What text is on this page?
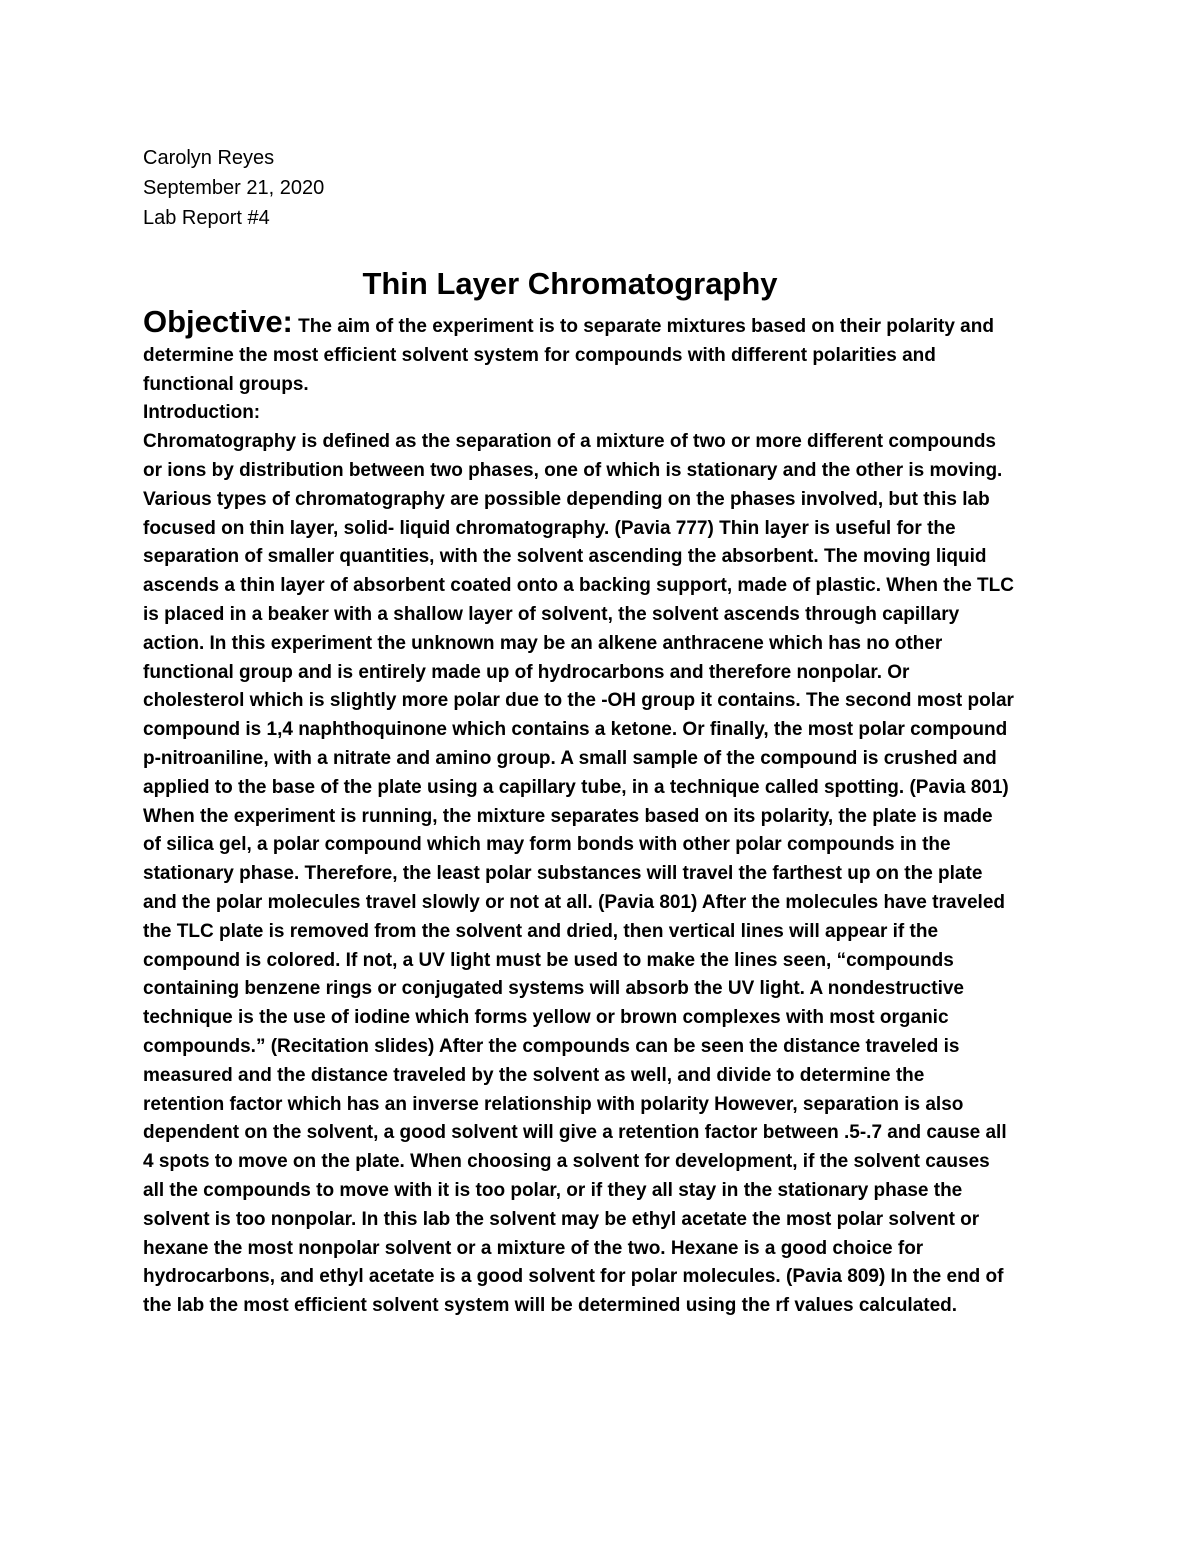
Carolyn Reyes
September 21, 2020
Lab Report #4
Thin Layer Chromatography
Objective: The aim of the experiment is to separate mixtures based on their polarity and
determine the most efficient solvent system for compounds with different polarities and
functional groups.
Introduction:
Chromatography is defined as the separation of a mixture of two or more different compounds
or ions by distribution between two phases, one of which is stationary and the other is moving.
Various types of chromatography are possible depending on the phases involved, but this lab
focused on thin layer, solid- liquid chromatography. (Pavia 777) Thin layer is useful for the
separation of smaller quantities, with the solvent ascending the absorbent. The moving liquid
ascends a thin layer of absorbent coated onto a backing support, made of plastic. When the TLC
is placed in a beaker with a shallow layer of solvent, the solvent ascends through capillary
action. In this experiment the unknown may be an alkene anthracene which has no other
functional group and is entirely made up of hydrocarbons and therefore nonpolar. Or
cholesterol which is slightly more polar due to the -OH group it contains. The second most polar
compound is 1,4 naphthoquinone which contains a ketone. Or finally, the most polar compound
p-nitroaniline, with a nitrate and amino group. A small sample of the compound is crushed and
applied to the base of the plate using a capillary tube, in a technique called spotting. (Pavia 801)
When the experiment is running, the mixture separates based on its polarity, the plate is made
of silica gel, a polar compound which may form bonds with other polar compounds in the
stationary phase. Therefore, the least polar substances will travel the farthest up on the plate
and the polar molecules travel slowly or not at all. (Pavia 801) After the molecules have traveled
the TLC plate is removed from the solvent and dried, then vertical lines will appear if the
compound is colored. If not, a UV light must be used to make the lines seen, “compounds
containing benzene rings or conjugated systems will absorb the UV light. A nondestructive
technique is the use of iodine which forms yellow or brown complexes with most organic
compounds.” (Recitation slides) After the compounds can be seen the distance traveled is
measured and the distance traveled by the solvent as well, and divide to determine the
retention factor which has an inverse relationship with polarity However, separation is also
dependent on the solvent, a good solvent will give a retention factor between .5-.7 and cause all
4 spots to move on the plate. When choosing a solvent for development, if the solvent causes
all the compounds to move with it is too polar, or if they all stay in the stationary phase the
solvent is too nonpolar. In this lab the solvent may be ethyl acetate the most polar solvent or
hexane the most nonpolar solvent or a mixture of the two. Hexane is a good choice for
hydrocarbons, and ethyl acetate is a good solvent for polar molecules. (Pavia 809) In the end of
the lab the most efficient solvent system will be determined using the rf values calculated.
